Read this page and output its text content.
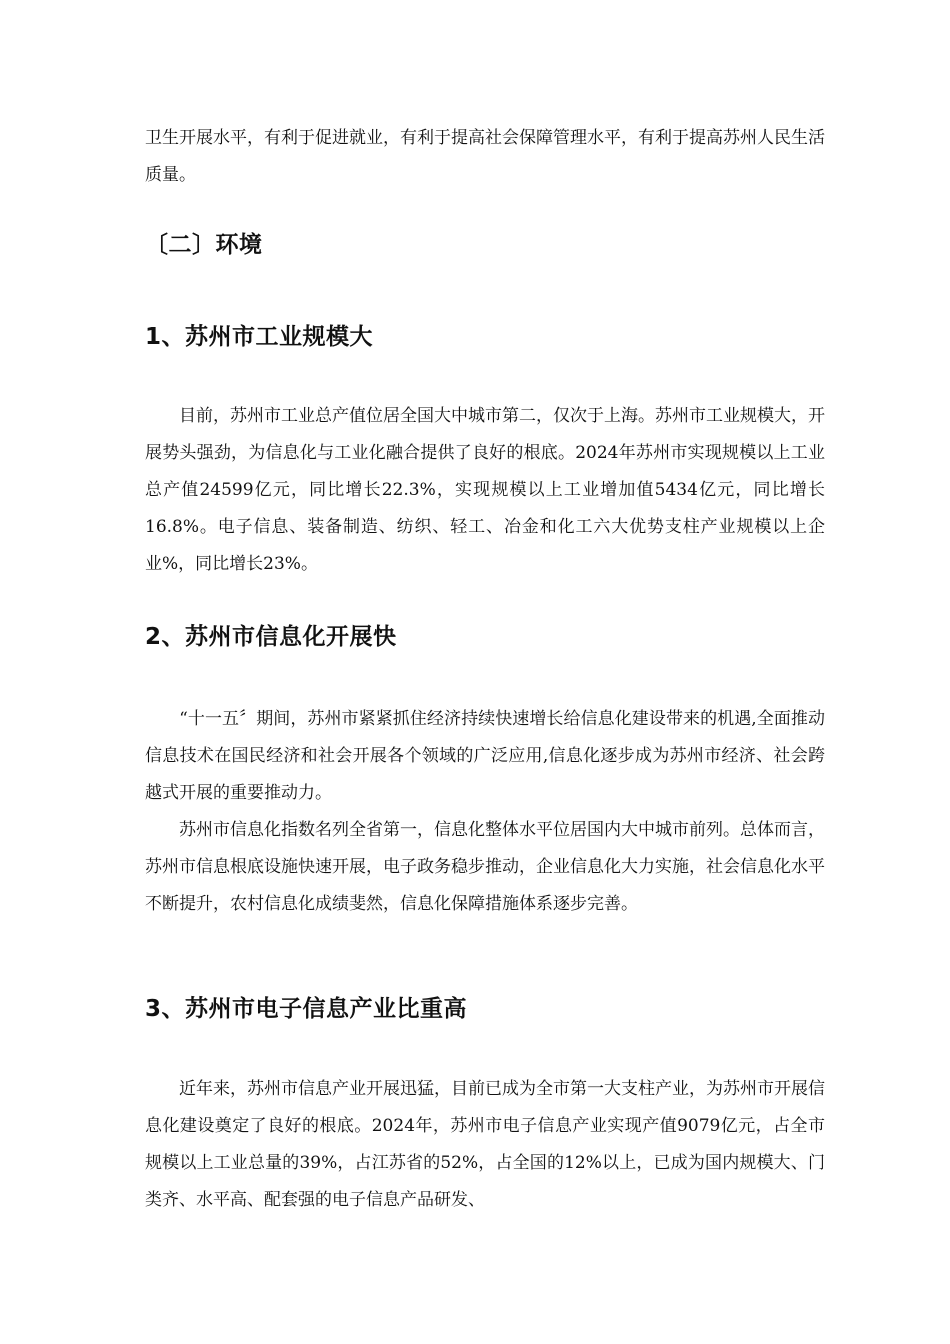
卫生开展水平，有利于促进就业，有利于提高社会保障管理水平，有利于提高苏州人民生活质量。

〔二〕环境
1、苏州市工业规模大

　　目前，苏州市工业总产值位居全国大中城市第二，仅次于上海。苏州市工业规模大，开展势头强劲，为信息化与工业化融合提供了良好的根底。2024年苏州市实现规模以上工业总产值24599亿元，同比增长22.3%，实现规模以上工业增加值5434亿元，同比增长16.8%。电子信息、装备制造、纺织、轻工、冶金和化工六大优势支柱产业规模以上企业%，同比增长23%。

2、苏州市信息化开展快

　　“十一五〞期间，苏州市紧紧抓住经济持续快速增长给信息化建设带来的机遇,全面推动信息技术在国民经济和社会开展各个领域的广泛应用,信息化逐步成为苏州市经济、社会跨越式开展的重要推动力。

　　苏州市信息化指数名列全省第一，信息化整体水平位居国内大中城市前列。总体而言，苏州市信息根底设施快速开展，电子政务稳步推动，企业信息化大力实施，社会信息化水平不断提升，农村信息化成绩斐然，信息化保障措施体系逐步完善。

3、苏州市电子信息产业比重高

　　近年来，苏州市信息产业开展迅猛，目前已成为全市第一大支柱产业，为苏州市开展信息化建设奠定了良好的根底。2024年，苏州市电子信息产业实现产值9079亿元，占全市规模以上工业总量的39%，占江苏省的52%，占全国的12%以上，已成为国内规模大、门类齐、水平高、配套强的电子信息产品研发、
